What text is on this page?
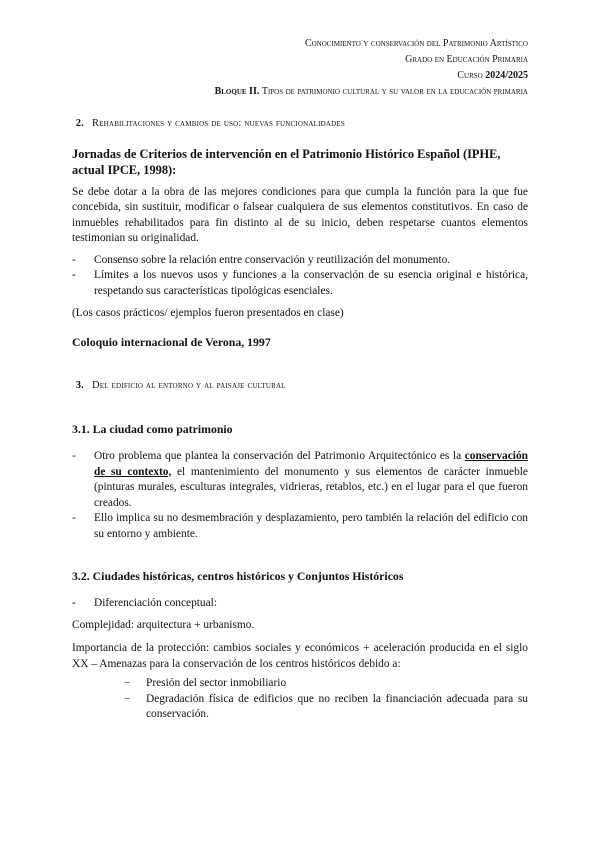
Conocimiento y conservación del Patrimonio Artístico
Grado en Educación Primaria
Curso 2024/2025
Bloque II. Tipos de patrimonio cultural y su valor en la educación primaria
2. Rehabilitaciones y cambios de uso: nuevas funcionalidades
Jornadas de Criterios de intervención en el Patrimonio Histórico Español (IPHE, actual IPCE, 1998):

Se debe dotar a la obra de las mejores condiciones para que cumpla la función para la que fue concebida, sin sustituir, modificar o falsear cualquiera de sus elementos constitutivos. En caso de inmuebles rehabilitados para fin distinto al de su inicio, deben respetarse cuantos elementos testimonian su originalidad.

-	Consenso sobre la relación entre conservación y reutilización del monumento.
-	Límites a los nuevos usos y funciones a la conservación de su esencia original e histórica, respetando sus características tipológicas esenciales.

(Los casos prácticos/ ejemplos fueron presentados en clase)

Coloquio internacional de Verona, 1997
3. Del edificio al entorno y al paisaje cultural
3.1. La ciudad como patrimonio
-	Otro problema que plantea la conservación del Patrimonio Arquitectónico es la conservación de su contexto, el mantenimiento del monumento y sus elementos de carácter inmueble (pinturas murales, esculturas integrales, vidrieras, retablos, etc.) en el lugar para el que fueron creados.
-	Ello implica su no desmembración y desplazamiento, pero también la relación del edificio con su entorno y ambiente.
3.2. Ciudades históricas, centros históricos y Conjuntos Históricos
-	Diferenciación conceptual:

Complejidad: arquitectura + urbanismo.

Importancia de la protección: cambios sociales y económicos + aceleración producida en el siglo XX – Amenazas para la conservación de los centros históricos debido a:

−	Presión del sector inmobiliario
−	Degradación física de edificios que no reciben la financiación adecuada para su conservación.
